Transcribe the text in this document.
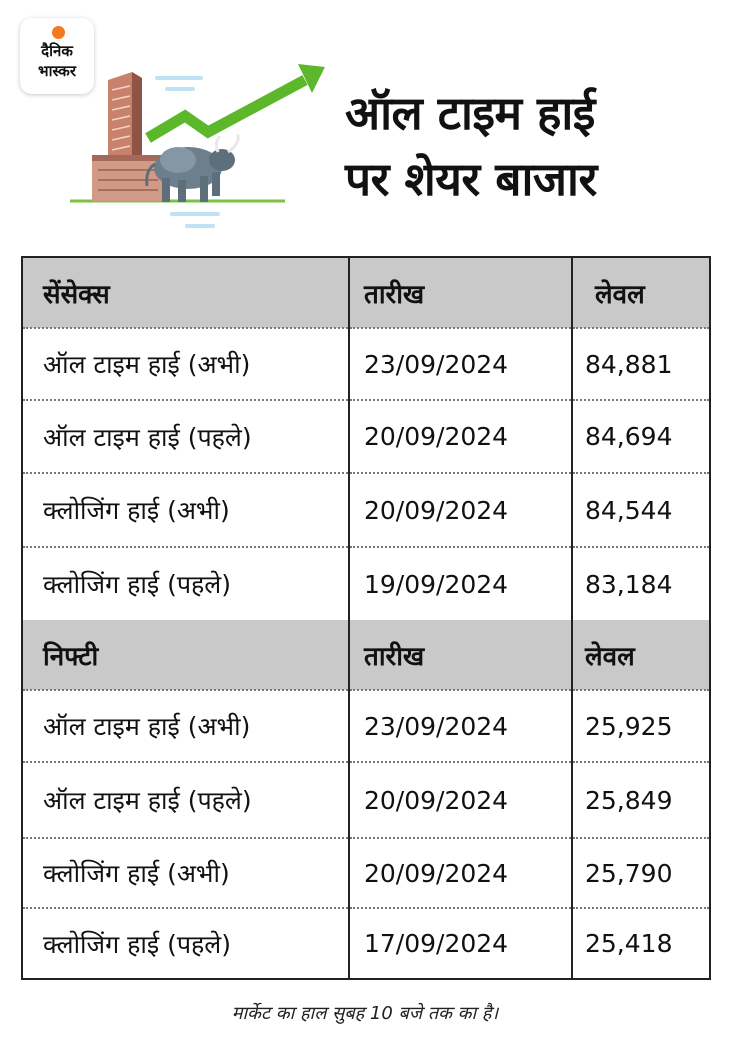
दैनिक
भास्कर
ऑल टाइम हाई
पर शेयर बाजार
सेंसेक्स	तारीख	लेवल
ऑल टाइम हाई (अभी)	23/09/2024	84,881
ऑल टाइम हाई (पहले)	20/09/2024	84,694
क्लोजिंग हाई (अभी)	20/09/2024	84,544
क्लोजिंग हाई (पहले)	19/09/2024	83,184
निफ्टी	तारीख	लेवल
ऑल टाइम हाई (अभी)	23/09/2024	25,925
ऑल टाइम हाई (पहले)	20/09/2024	25,849
क्लोजिंग हाई (अभी)	20/09/2024	25,790
क्लोजिंग हाई (पहले)	17/09/2024	25,418
मार्केट का हाल सुबह 10 बजे तक का है।
